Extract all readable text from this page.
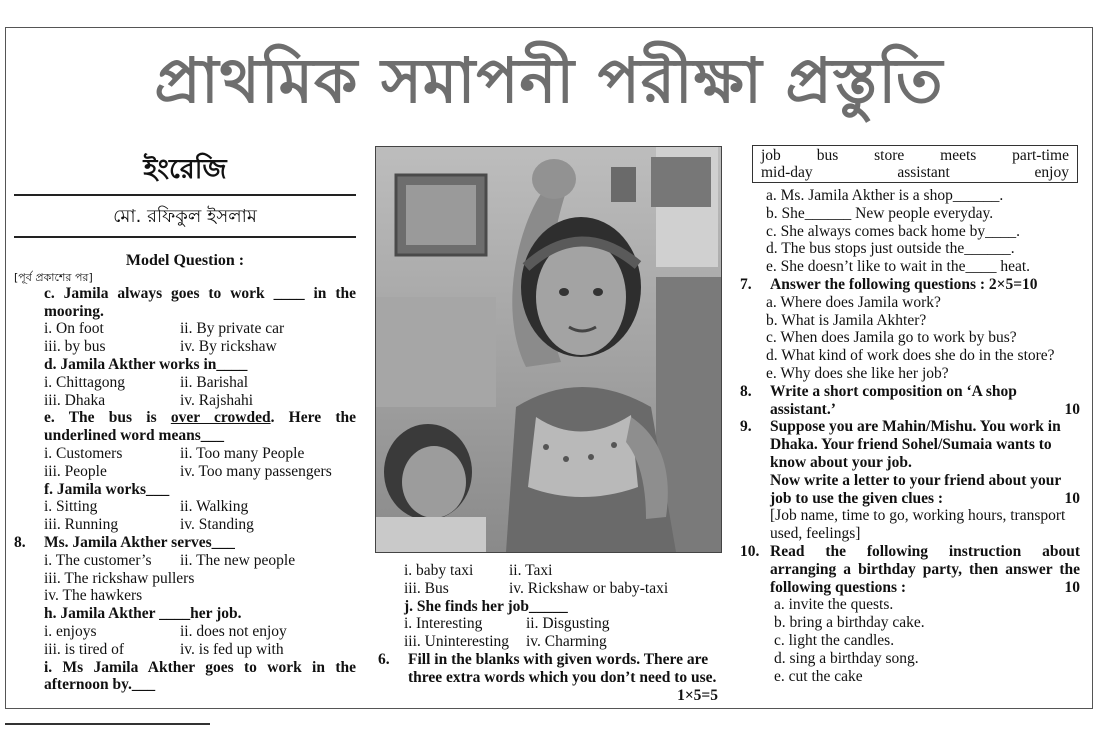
প্রাথমিক সমাপনী পরীক্ষা প্রস্তুতি
ইংরেজি
মো. রফিকুল ইসলাম
Model Question :
[পূর্ব প্রকাশের পর]
c. Jamila always goes to work ____ in the mooring.
i. On foot	ii. By private car
iii. by bus	iv. By rickshaw
d. Jamila Akther works in____
i. Chittagong	ii. Barishal
iii. Dhaka	iv. Rajshahi
e. The bus is over crowded. Here the underlined word means___
i. Customers	ii. Too many People
iii. People	iv. Too many passengers
f. Jamila works___
i. Sitting	ii. Walking
iii. Running	iv. Standing
8. Ms. Jamila Akther serves___
i. The customer’s	ii. The new people
iii. The rickshaw pullers
iv. The hawkers
h. Jamila Akther ____her job.
i. enjoys	ii. does not enjoy
iii. is tired of	iv. is fed up with
i. Ms Jamila Akther goes to work in the afternoon by.___
i. baby taxi	ii. Taxi
iii. Bus	iv. Rickshaw or baby-taxi
j. She finds her job_____
i. Interesting	ii. Disgusting
iii. Uninteresting	iv. Charming
6.	Fill in the blanks with given words. There are three extra words which you don’t need to use.
1×5=5
job bus store meets part-time
mid-day assistant enjoy
a. Ms. Jamila Akther is a shop______.
b. She______ New people everyday.
c. She always comes back home by____.
d. The bus stops just outside the______.
e. She doesn’t like to wait in the____ heat.
7.	Answer the following questions : 2×5=10
a. Where does Jamila work?
b. What is Jamila Akhter?
c. When does Jamila go to work by bus?
d. What kind of work does she do in the store?
e. Why does she like her job?
8.	Write a short composition on ‘A shop assistant.’	10
9.	Suppose you are Mahin/Mishu. You work in Dhaka. Your friend Sohel/Sumaia wants to know about your job.
Now write a letter to your friend about your job to use the given clues :	10

[Job name, time to go, working hours, transport used, feelings]
10. Read the following instruction about arranging a birthday party, then answer the following questions :	10
a. invite the quests.
b. bring a birthday cake.
c. light the candles.
d. sing a birthday song.
e. cut the cake
